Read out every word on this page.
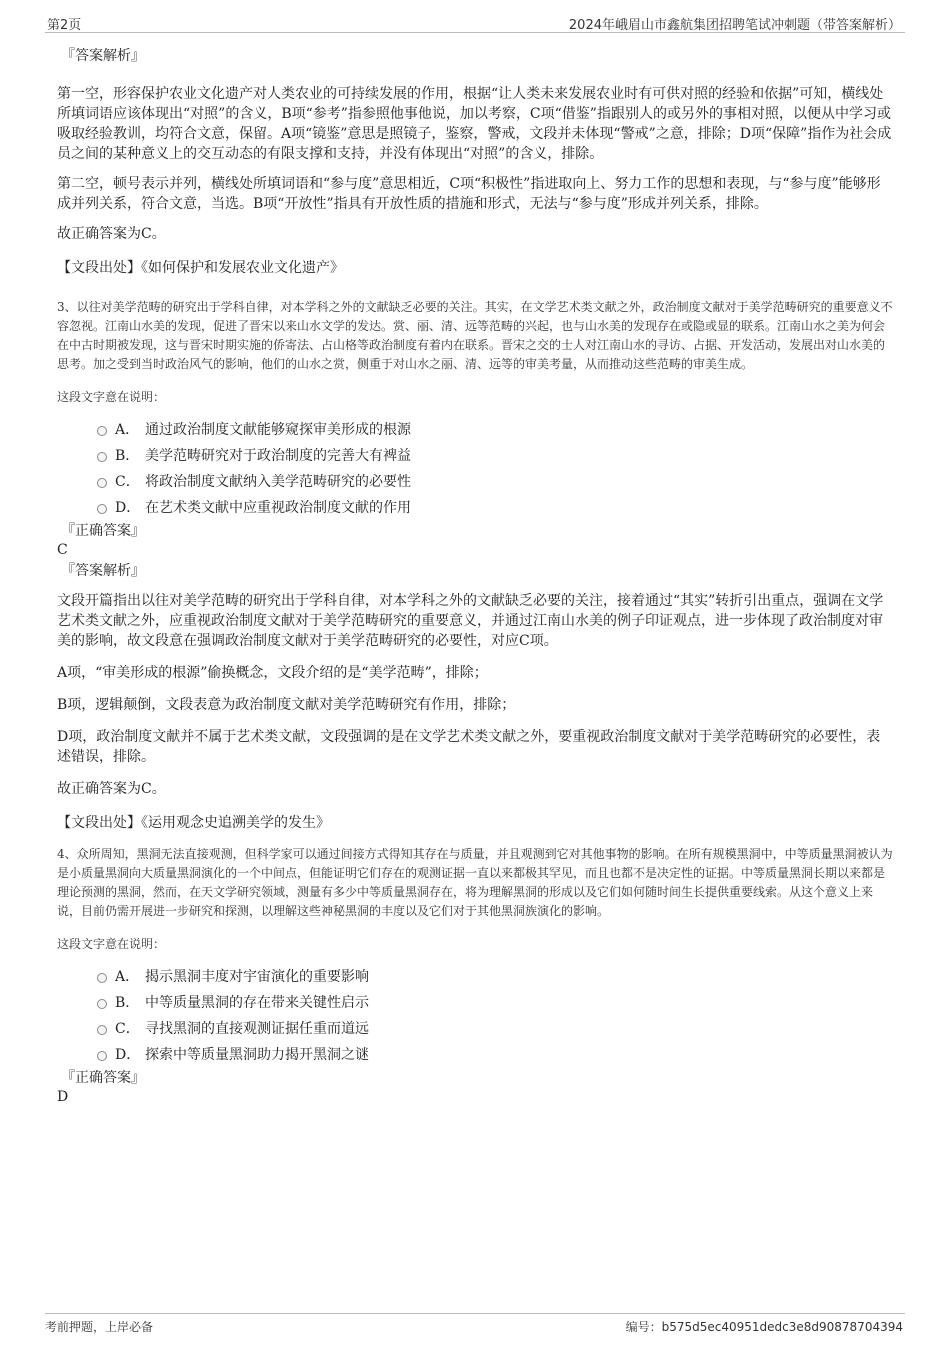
第2页	2024年峨眉山市鑫航集团招聘笔试冲刺题（带答案解析）

『答案解析』

第一空，形容保护农业文化遗产对人类农业的可持续发展的作用，根据“让人类未来发展农业时有可供对照的经验和依据”可知，横线处所填词语应该体现出“对照”的含义，B项“参考”指参照他事他说，加以考察，C项“借鉴”指跟别人的或另外的事相对照，以便从中学习或吸取经验教训，均符合文意，保留。A项“镜鉴”意思是照镜子，鉴察，警戒，文段并未体现“警戒”之意，排除；D项“保障”指作为社会成员之间的某种意义上的交互动态的有限支撑和支持，并没有体现出“对照”的含义，排除。

第二空，顿号表示并列，横线处所填词语和“参与度”意思相近，C项“积极性”指进取向上、努力工作的思想和表现，与“参与度”能够形成并列关系，符合文意，当选。B项“开放性”指具有开放性质的措施和形式，无法与“参与度”形成并列关系，排除。

故正确答案为C。

【文段出处】《如何保护和发展农业文化遗产》

3、以往对美学范畴的研究出于学科自律，对本学科之外的文献缺乏必要的关注。其实，在文学艺术类文献之外，政治制度文献对于美学范畴研究的重要意义不容忽视。江南山水美的发现，促进了晋宋以来山水文学的发达。赏、丽、清、远等范畴的兴起，也与山水美的发现存在或隐或显的联系。江南山水之美为何会在中古时期被发现，这与晋宋时期实施的侨寄法、占山格等政治制度有着内在联系。晋宋之交的士人对江南山水的寻访、占据、开发活动，发展出对山水美的思考。加之受到当时政治风气的影响，他们的山水之赏，侧重于对山水之丽、清、远等的审美考量，从而推动这些范畴的审美生成。

这段文字意在说明：

A． 通过政治制度文献能够窥探审美形成的根源
B． 美学范畴研究对于政治制度的完善大有裨益
C． 将政治制度文献纳入美学范畴研究的必要性
D． 在艺术类文献中应重视政治制度文献的作用

『正确答案』

C

『答案解析』

文段开篇指出以往对美学范畴的研究出于学科自律，对本学科之外的文献缺乏必要的关注，接着通过“其实”转折引出重点，强调在文学艺术类文献之外，应重视政治制度文献对于美学范畴研究的重要意义，并通过江南山水美的例子印证观点，进一步体现了政治制度对审美的影响，故文段意在强调政治制度文献对于美学范畴研究的必要性，对应C项。

A项，“审美形成的根源”偷换概念，文段介绍的是“美学范畴”，排除；

B项，逻辑颠倒，文段表意为政治制度文献对美学范畴研究有作用，排除；

D项，政治制度文献并不属于艺术类文献，文段强调的是在文学艺术类文献之外，要重视政治制度文献对于美学范畴研究的必要性，表述错误，排除。

故正确答案为C。

【文段出处】《运用观念史追溯美学的发生》

4、众所周知，黑洞无法直接观测，但科学家可以通过间接方式得知其存在与质量，并且观测到它对其他事物的影响。在所有规模黑洞中，中等质量黑洞被认为是小质量黑洞向大质量黑洞演化的一个中间点，但能证明它们存在的观测证据一直以来都极其罕见，而且也都不是决定性的证据。中等质量黑洞长期以来都是理论预测的黑洞，然而，在天文学研究领域，测量有多少中等质量黑洞存在，将为理解黑洞的形成以及它们如何随时间生长提供重要线索。从这个意义上来说，目前仍需开展进一步研究和探测，以理解这些神秘黑洞的丰度以及它们对于其他黑洞族演化的影响。

这段文字意在说明：

A． 揭示黑洞丰度对宇宙演化的重要影响
B． 中等质量黑洞的存在带来关键性启示
C． 寻找黑洞的直接观测证据任重而道远
D． 探索中等质量黑洞助力揭开黑洞之谜

『正确答案』

D

考前押题，上岸必备	编号：b575d5ec40951dedc3e8d90878704394
